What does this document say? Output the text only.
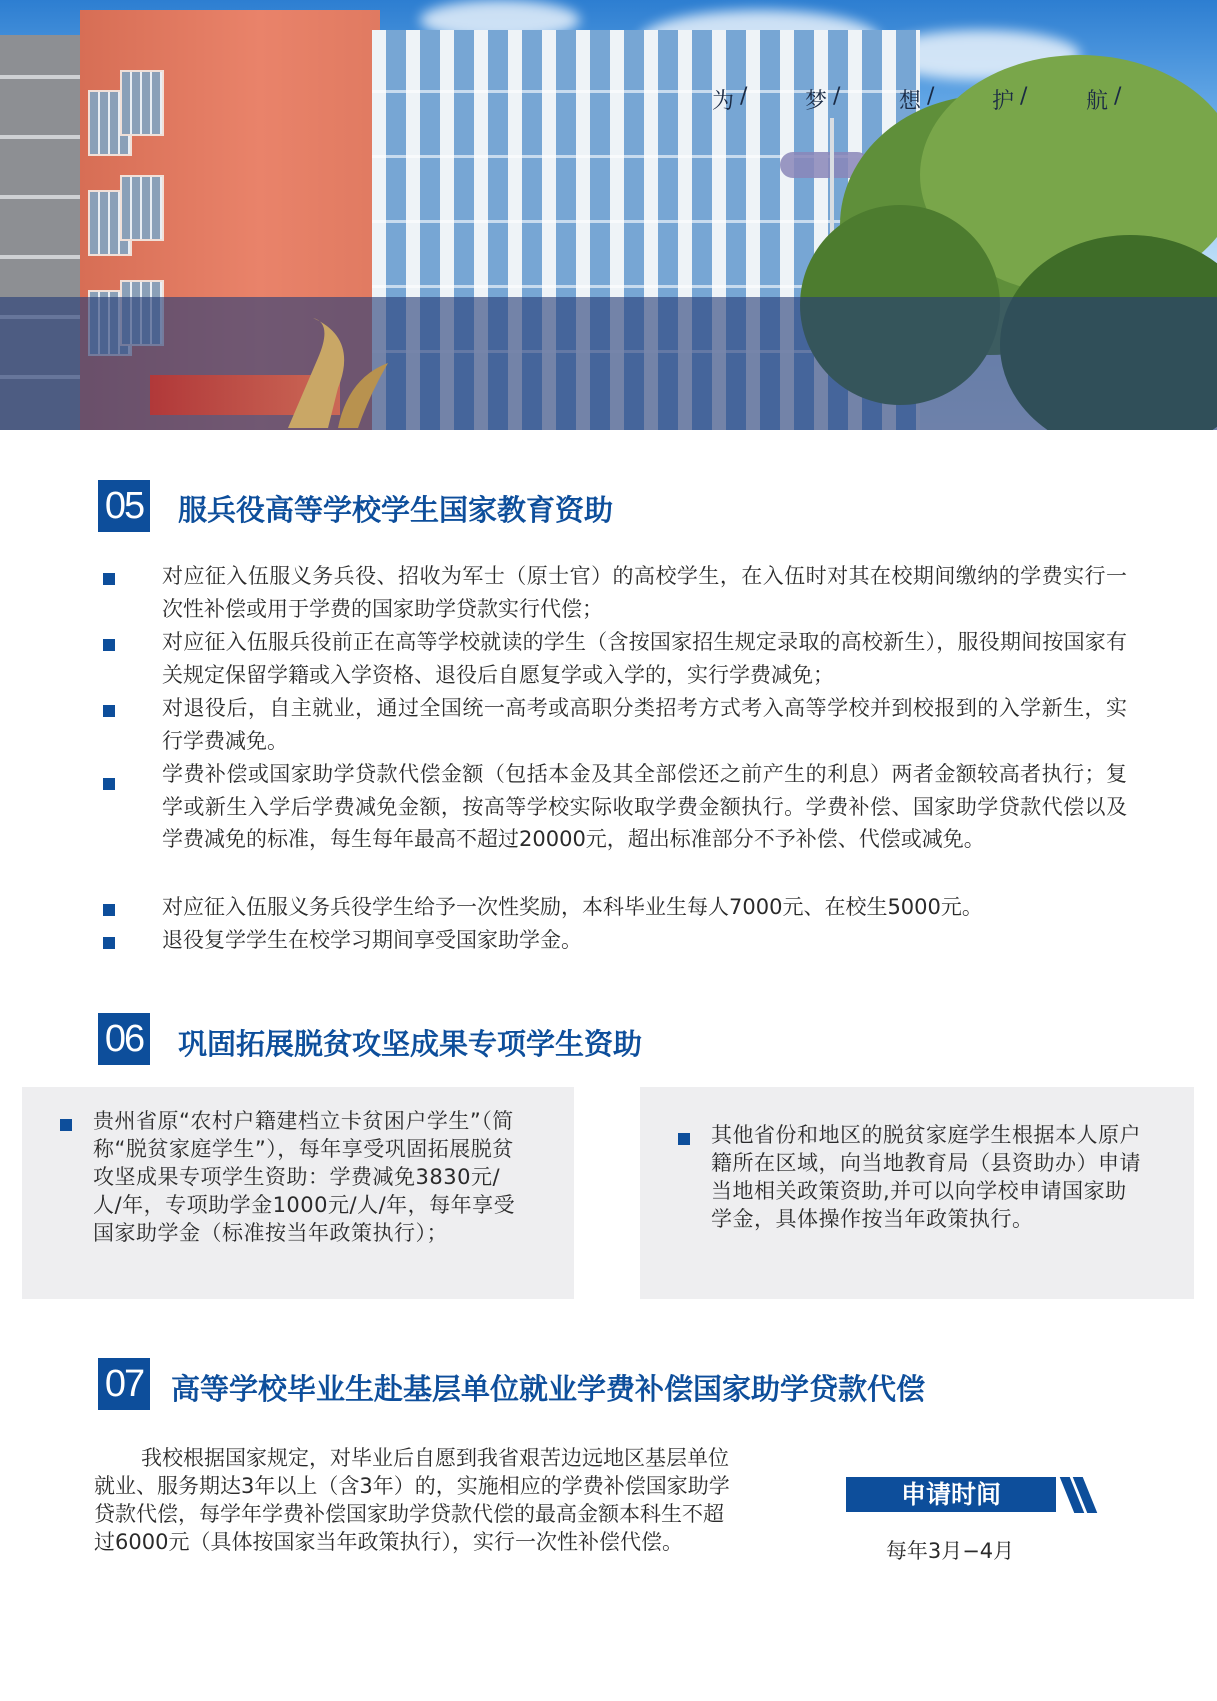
为 /	梦 /	想 /	护 /	航 /
05 服兵役高等学校学生国家教育资助
对应征入伍服义务兵役、招收为军士（原士官）的高校学生，在入伍时对其在校期间缴纳的学费实行一次性补偿或用于学费的国家助学贷款实行代偿；
对应征入伍服兵役前正在高等学校就读的学生（含按国家招生规定录取的高校新生），服役期间按国家有关规定保留学籍或入学资格、退役后自愿复学或入学的，实行学费减免；
对退役后，自主就业，通过全国统一高考或高职分类招考方式考入高等学校并到校报到的入学新生，实行学费减免。
学费补偿或国家助学贷款代偿金额（包括本金及其全部偿还之前产生的利息）两者金额较高者执行；复学或新生入学后学费减免金额，按高等学校实际收取学费金额执行。学费补偿、国家助学贷款代偿以及学费减免的标准，每生每年最高不超过20000元，超出标准部分不予补偿、代偿或减免。
对应征入伍服义务兵役学生给予一次性奖励，本科毕业生每人7000元、在校生5000元。
退役复学学生在校学习期间享受国家助学金。
06 巩固拓展脱贫攻坚成果专项学生资助
贵州省原“农村户籍建档立卡贫困户学生”（简称“脱贫家庭学生”），每年享受巩固拓展脱贫攻坚成果专项学生资助：学费减免3830元/人/年，专项助学金1000元/人/年，每年享受国家助学金（标准按当年政策执行）；
其他省份和地区的脱贫家庭学生根据本人原户籍所在区域，向当地教育局（县资助办）申请当地相关政策资助,并可以向学校申请国家助学金，具体操作按当年政策执行。
07 高等学校毕业生赴基层单位就业学费补偿国家助学贷款代偿
我校根据国家规定，对毕业后自愿到我省艰苦边远地区基层单位就业、服务期达3年以上（含3年）的，实施相应的学费补偿国家助学贷款代偿，每学年学费补偿国家助学贷款代偿的最高金额本科生不超过6000元（具体按国家当年政策执行），实行一次性补偿代偿。
申请时间
每年3月−4月
